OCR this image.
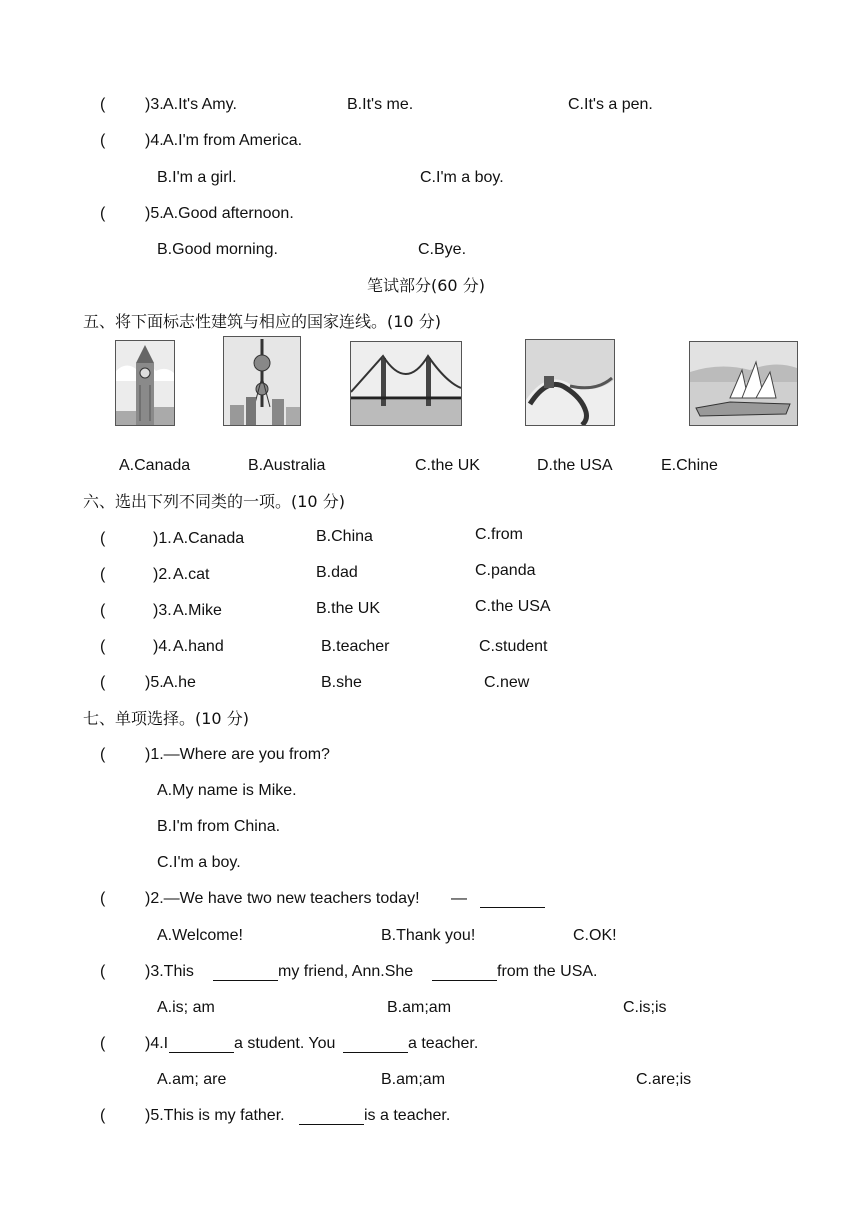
( )3. A.It's Amy.	B.It's me.	C.It's a pen.
( )4. A.I'm from America.
B.I'm a girl.	C.I'm a boy.
( )5. A.Good afternoon.
B.Good morning.	C.Bye.
笔试部分(60 分)
五、将下面标志性建筑与相应的国家连线。(10 分)
A.Canada	B.Australia	C.the UK	D.the USA	E.Chine
六、选出下列不同类的一项。(10 分)
(	)1. A.Canada	B.China	C.from
(	)2. A.cat	B.dad	C.panda
(	)3. A.Mike	B.the UK	C.the USA
(	)4. A.hand	B.teacher	C.student
( )5. A.he	B.she	C.new
七、单项选择。(10 分)
( )1.—Where are you from?
A.My name is Mike.
B.I'm from China.
C.I'm a boy.
( )2.—We have two new teachers today! —
A.Welcome!	B.Thank you!	C.OK!
( )3.This	my friend, Ann.She	from the USA.
A.is; am	B.am;am	C.is;is
( )4.I	a student. You	a teacher.
A.am; are	B.am;am	C.are;is
( )5.This is my father.	is a teacher.
